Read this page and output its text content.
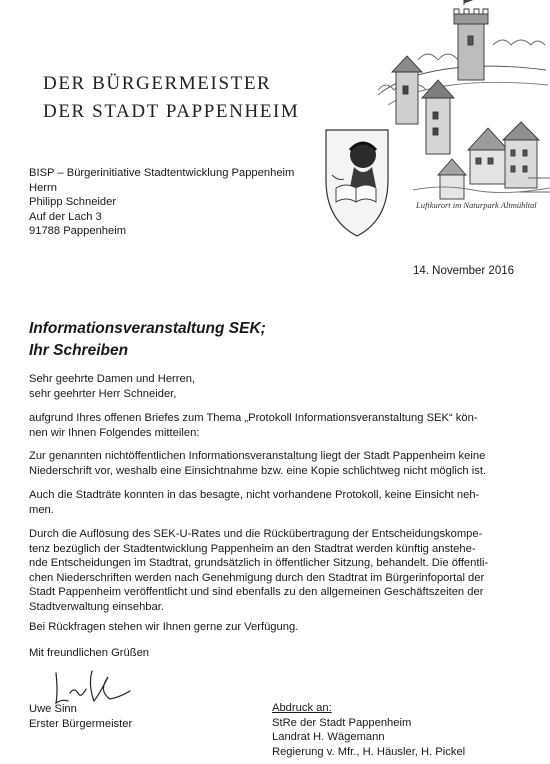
DER BÜRGERMEISTER
DER STADT PAPPENHEIM
Luftkurort im Naturpark Altmühltal
BISP – Bürgerinitiative Stadtentwicklung Pappenheim
Herrn
Philipp Schneider
Auf der Lach 3
91788 Pappenheim
14. November 2016
Informationsveranstaltung SEK;
Ihr Schreiben
Sehr geehrte Damen und Herren,
sehr geehrter Herr Schneider,
aufgrund Ihres offenen Briefes zum Thema „Protokoll Informationsveranstaltung SEK“ kön-
nen wir Ihnen Folgendes mitteilen:
Zur genannten nichtöffentlichen Informationsveranstaltung liegt der Stadt Pappenheim keine
Niederschrift vor, weshalb eine Einsichtnahme bzw. eine Kopie schlichtweg nicht möglich ist.
Auch die Stadträte konnten in das besagte, nicht vorhandene Protokoll, keine Einsicht neh-
men.
Durch die Auflösung des SEK-U-Rates und die Rückübertragung der Entscheidungskompe-
tenz bezüglich der Stadtentwicklung Pappenheim an den Stadtrat werden künftig anstehe-
nde Entscheidungen im Stadtrat, grundsätzlich in öffentlicher Sitzung, behandelt. Die öffentli-
chen Niederschriften werden nach Genehmigung durch den Stadtrat im Bürgerinfoportal der
Stadt Pappenheim veröffentlicht und sind ebenfalls zu den allgemeinen Geschäftszeiten der
Stadtverwaltung einsehbar.
Bei Rückfragen stehen wir Ihnen gerne zur Verfügung.
Mit freundlichen Grüßen
Uwe Sinn
Erster Bürgermeister
Abdruck an:
StRe der Stadt Pappenheim
Landrat H. Wägemann
Regierung v. Mfr., H. Häusler, H. Pickel
